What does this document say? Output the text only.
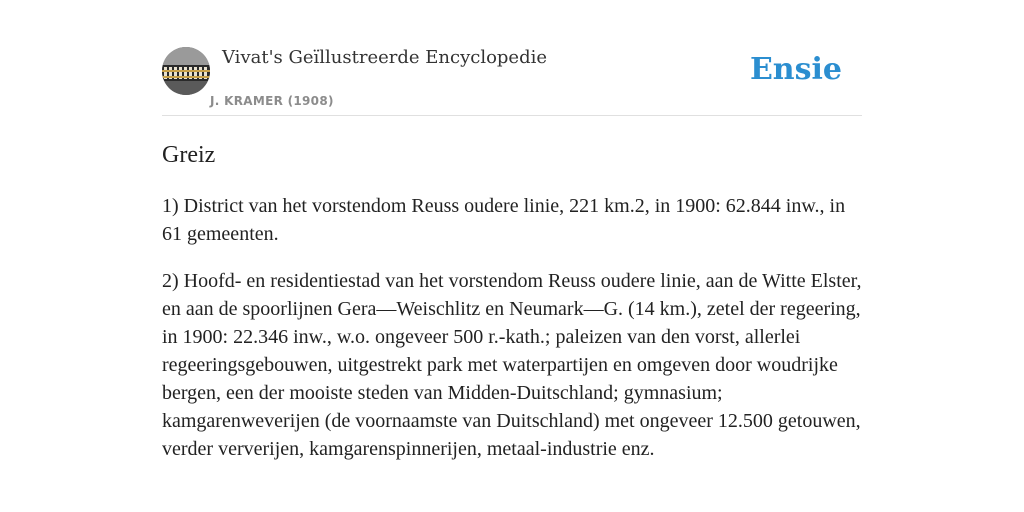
Vivat's Geïllustreerde Encyclopedie
J. KRAMER (1908)
Ensie
Greiz

1) District van het vorstendom Reuss oudere linie, 221 km.2, in 1900: 62.844 inw., in 61 gemeenten.

2) Hoofd- en residentiestad van het vorstendom Reuss oudere linie, aan de Witte Elster, en aan de spoorlijnen Gera—Weischlitz en Neumark—G. (14 km.), zetel der regeering, in 1900: 22.346 inw., w.o. ongeveer 500 r.-kath.; paleizen van den vorst, allerlei regeeringsgebouwen, uitgestrekt park met waterpartijen en omgeven door woudrijke bergen, een der mooiste steden van Midden-Duitschland; gymnasium; kamgarenweverijen (de voornaamste van Duitschland) met ongeveer 12.500 getouwen, verder ververijen, kamgarenspinnerijen, metaal-industrie enz.
